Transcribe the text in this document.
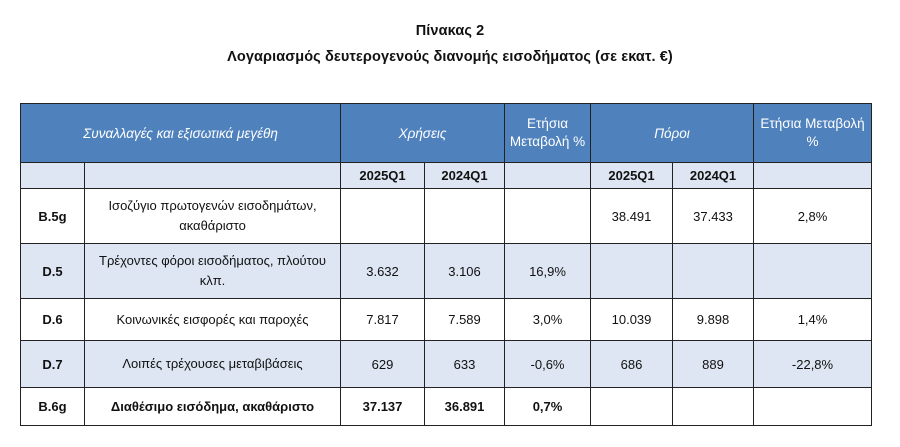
Πίνακας 2
Λογαριασμός δευτερογενούς διανομής εισοδήματος (σε εκατ. €)
Συναλλαγές και εξισωτικά μεγέθη		Χρήσεις		Ετήσια Μεταβολή %	Πόροι		Ετήσια Μεταβολή %
		2025Q1	2024Q1		2025Q1	2024Q1	
B.5g	Ισοζύγιο πρωτογενών εισοδημάτων, ακαθάριστο				38.491	37.433	2,8%
D.5	Τρέχοντες φόροι εισοδήματος, πλούτου κλπ.	3.632	3.106	16,9%			
D.6	Κοινωνικές εισφορές και παροχές	7.817	7.589	3,0%	10.039	9.898	1,4%
D.7	Λοιπές τρέχουσες μεταβιβάσεις	629	633	-0,6%	686	889	-22,8%
B.6g	Διαθέσιμο εισόδημα, ακαθάριστο	37.137	36.891	0,7%			
